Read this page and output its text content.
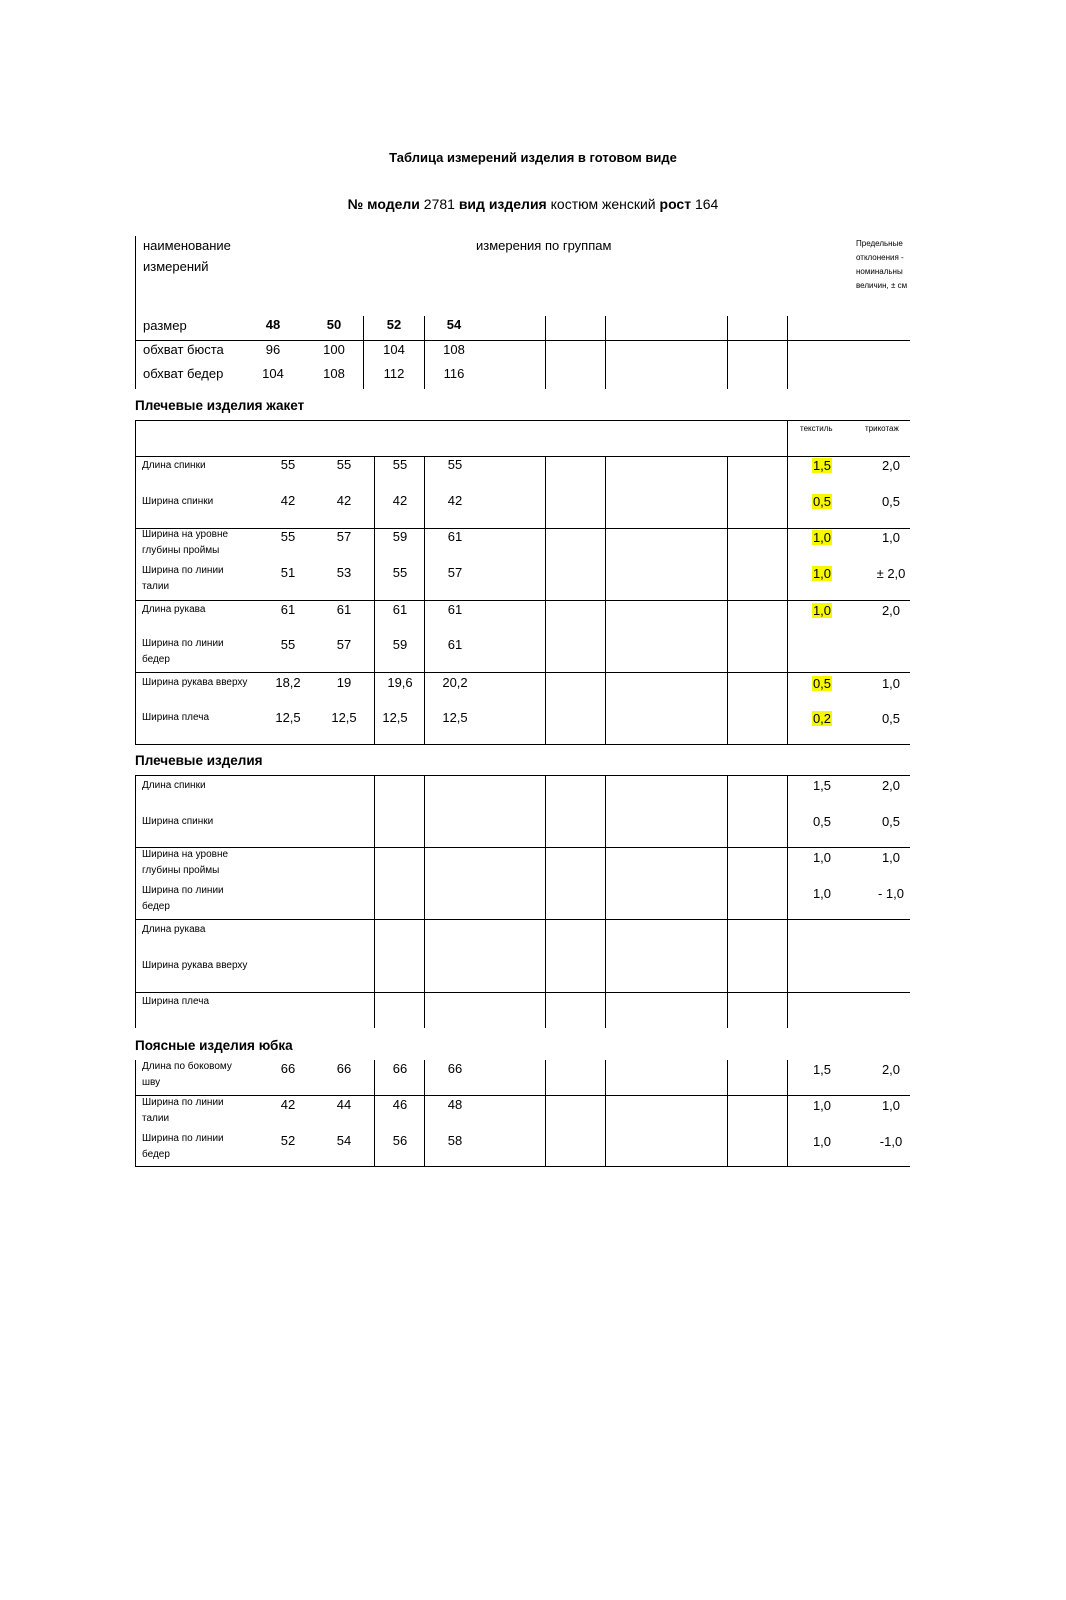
Таблица измерений изделия в готовом виде
№ модели 2781 вид изделия костюм женский рост 164
наименование
измерений
измерения по группам	Предельные
отклонения -
номинальны
величин, ± см
размер	48	50	52	54
обхват бюста	96	100	104	108
обхват бедер	104	108	112	116
Плечевые изделия жакет
текстиль	трикотаж
Длина спинки	55	55	55	55	1,5	2,0
Ширина спинки	42	42	42	42	0,5	0,5
Ширина на уровне
глубины проймы
55	57	59	61	1,0	1,0
Ширина по линии
талии
51	53	55	57	1,0	± 2,0
Длина рукава	61	61	61	61	1,0	2,0
Ширина по линии
бедер
55	57	59	61
Ширина рукава вверху	18,2	19	19,6	20,2	0,5	1,0
Ширина плеча	12,5	12,5	12,5	12,5	0,2	0,5
Плечевые изделия
Длина спинки	1,5	2,0
Ширина спинки	0,5	0,5
Ширина на уровне
глубины проймы
1,0	1,0
Ширина по линии
бедер
1,0	- 1,0
Длина рукава
Ширина рукава вверху
Ширина плеча
Поясные изделия юбка
Длина по боковому
шву
66	66	66	66	1,5	2,0
Ширина по линии
талии
42	44	46	48	1,0	1,0
Ширина по линии
бедер
52	54	56	58	1,0	-1,0
